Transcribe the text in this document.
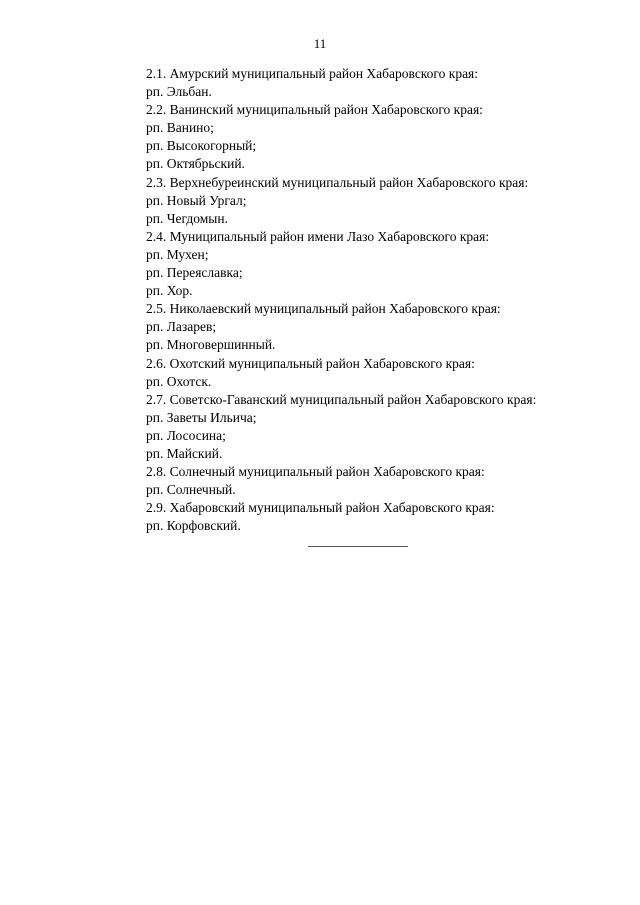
11
2.1. Амурский муниципальный район Хабаровского края:
рп. Эльбан.
2.2. Ванинский муниципальный район Хабаровского края:
рп. Ванино;
рп. Высокогорный;
рп. Октябрьский.
2.3. Верхнебуреинский муниципальный район Хабаровского края:
рп. Новый Ургал;
рп. Чегдомын.
2.4. Муниципальный район имени Лазо Хабаровского края:
рп. Мухен;
рп. Переяславка;
рп. Хор.
2.5. Николаевский муниципальный район Хабаровского края:
рп. Лазарев;
рп. Многовершинный.
2.6. Охотский муниципальный район Хабаровского края:
рп. Охотск.
2.7. Советско-Гаванский муниципальный район Хабаровского края:
рп. Заветы Ильича;
рп. Лососина;
рп. Майский.
2.8. Солнечный муниципальный район Хабаровского края:
рп. Солнечный.
2.9. Хабаровский муниципальный район Хабаровского края:
рп. Корфовский.
